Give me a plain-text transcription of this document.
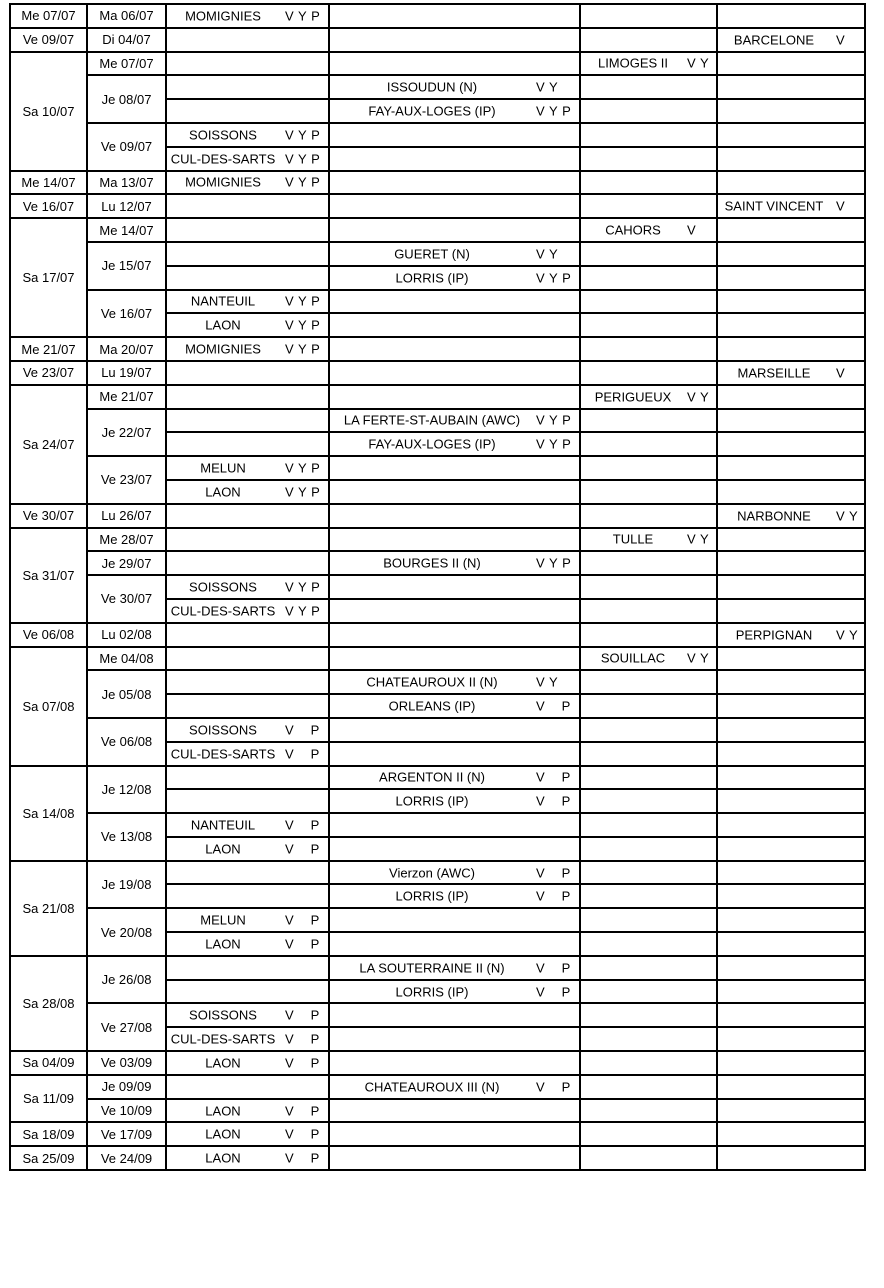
Me 07/07	Ma 06/07	MOMIGNIES V Y P			

Ve 09/07	Di 04/07				BARCELONE V

Sa 10/07	Me 07/07			LIMOGES II V Y	

	Je 08/07		ISSOUDUN (N) V Y		

			FAY-AUX-LOGES (IP) V Y P		

	Ve 09/07	SOISSONS V Y P			

		CUL-DES-SARTS V Y P			

Me 14/07	Ma 13/07	MOMIGNIES V Y P			

Ve 16/07	Lu 12/07				SAINT VINCENT V

Sa 17/07	Me 14/07			CAHORS V	

	Je 15/07		GUERET (N) V Y		

			LORRIS (IP) V Y P		

	Ve 16/07	NANTEUIL V Y P			

		LAON V Y P			

Me 21/07	Ma 20/07	MOMIGNIES V Y P			

Ve 23/07	Lu 19/07				MARSEILLE V

Sa 24/07	Me 21/07			PERIGUEUX V Y	

	Je 22/07		LA FERTE-ST-AUBAIN (AWC) V Y P		

			FAY-AUX-LOGES (IP) V Y P		

	Ve 23/07	MELUN V Y P			

		LAON V Y P			

Ve 30/07	Lu 26/07				NARBONNE V Y

Sa 31/07	Me 28/07			TULLE V Y	

	Je 29/07		BOURGES II (N) V Y P		

	Ve 30/07	SOISSONS V Y P			

		CUL-DES-SARTS V Y P			

Ve 06/08	Lu 02/08				PERPIGNAN V Y

Sa 07/08	Me 04/08			SOUILLAC V Y	

	Je 05/08		CHATEAUROUX II (N) V Y		

			ORLEANS (IP) V    P		

	Ve 06/08	SOISSONS V    P			

		CUL-DES-SARTS V    P			

Sa 14/08	Je 12/08		ARGENTON II (N) V    P		

			LORRIS (IP) V    P		

	Ve 13/08	NANTEUIL V    P			

		LAON V    P			

Sa 21/08	Je 19/08		Vierzon (AWC) V    P		

			LORRIS (IP) V    P		

	Ve 20/08	MELUN V    P			

		LAON V    P			

Sa 28/08	Je 26/08		LA SOUTERRAINE II (N) V    P		

			LORRIS (IP) V    P		

	Ve 27/08	SOISSONS V    P			

		CUL-DES-SARTS V    P			

Sa 04/09	Ve 03/09	LAON V    P			

Sa 11/09	Je 09/09		CHATEAUROUX III (N) V    P		

	Ve 10/09	LAON V    P			

Sa 18/09	Ve 17/09	LAON V    P			

Sa 25/09	Ve 24/09	LAON V    P			
